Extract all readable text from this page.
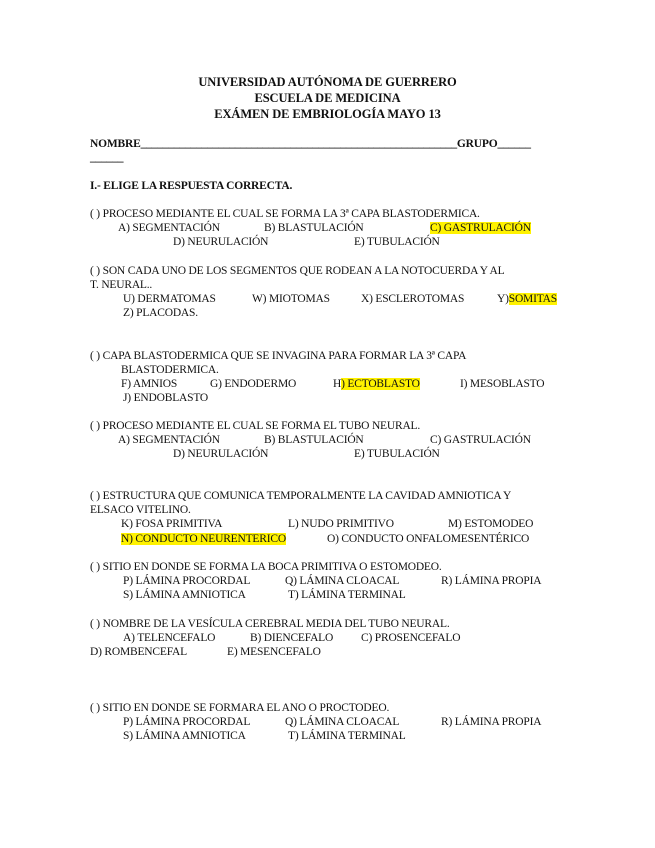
UNIVERSIDAD AUTÓNOMA DE GUERRERO
ESCUELA DE MEDICINA
EXÁMEN DE EMBRIOLOGÍA MAYO 13
NOMBRE_________________________________________________________GRUPO______
______
I.- ELIGE LA RESPUESTA CORRECTA.
( ) PROCESO MEDIANTE EL CUAL SE FORMA LA 3ª CAPA BLASTODERMICA.
A) SEGMENTACIÓN	B) BLASTULACIÓN	C) GASTRULACIÓN
D) NEURULACIÓN	E) TUBULACIÓN
( ) SON CADA UNO DE LOS SEGMENTOS QUE RODEAN A LA NOTOCUERDA Y AL
T. NEURAL..
U) DERMATOMAS	W) MIOTOMAS	X) ESCLEROTOMAS	Y)SOMITAS
Z) PLACODAS.
( ) CAPA BLASTODERMICA QUE SE INVAGINA PARA FORMAR LA 3ª CAPA
BLASTODERMICA.
F) AMNIOS	G) ENDODERMO	H) ECTOBLASTO	I) MESOBLASTO
J) ENDOBLASTO
( ) PROCESO MEDIANTE EL CUAL SE FORMA EL TUBO NEURAL.
A) SEGMENTACIÓN	B) BLASTULACIÓN	C) GASTRULACIÓN
D) NEURULACIÓN	E) TUBULACIÓN
( ) ESTRUCTURA QUE COMUNICA TEMPORALMENTE LA CAVIDAD AMNIOTICA Y
ELSACO VITELINO.
K) FOSA PRIMITIVA	L) NUDO PRIMITIVO	M) ESTOMODEO
N) CONDUCTO NEURENTERICO	O) CONDUCTO ONFALOMESENTÉRICO
( ) SITIO EN DONDE SE FORMA LA BOCA PRIMITIVA O ESTOMODEO.
P) LÁMINA PROCORDAL	Q) LÁMINA CLOACAL	R) LÁMINA PROPIA
S) LÁMINA AMNIOTICA	T) LÁMINA TERMINAL
( ) NOMBRE DE LA VESÍCULA CEREBRAL MEDIA DEL TUBO NEURAL.
A) TELENCEFALO	B) DIENCEFALO C) PROSENCEFALO
D) ROMBENCEFAL	E) MESENCEFALO
( ) SITIO EN DONDE SE FORMARA EL ANO O PROCTODEO.
P) LÁMINA PROCORDAL	Q) LÁMINA CLOACAL	R) LÁMINA PROPIA
S) LÁMINA AMNIOTICA	T) LÁMINA TERMINAL
